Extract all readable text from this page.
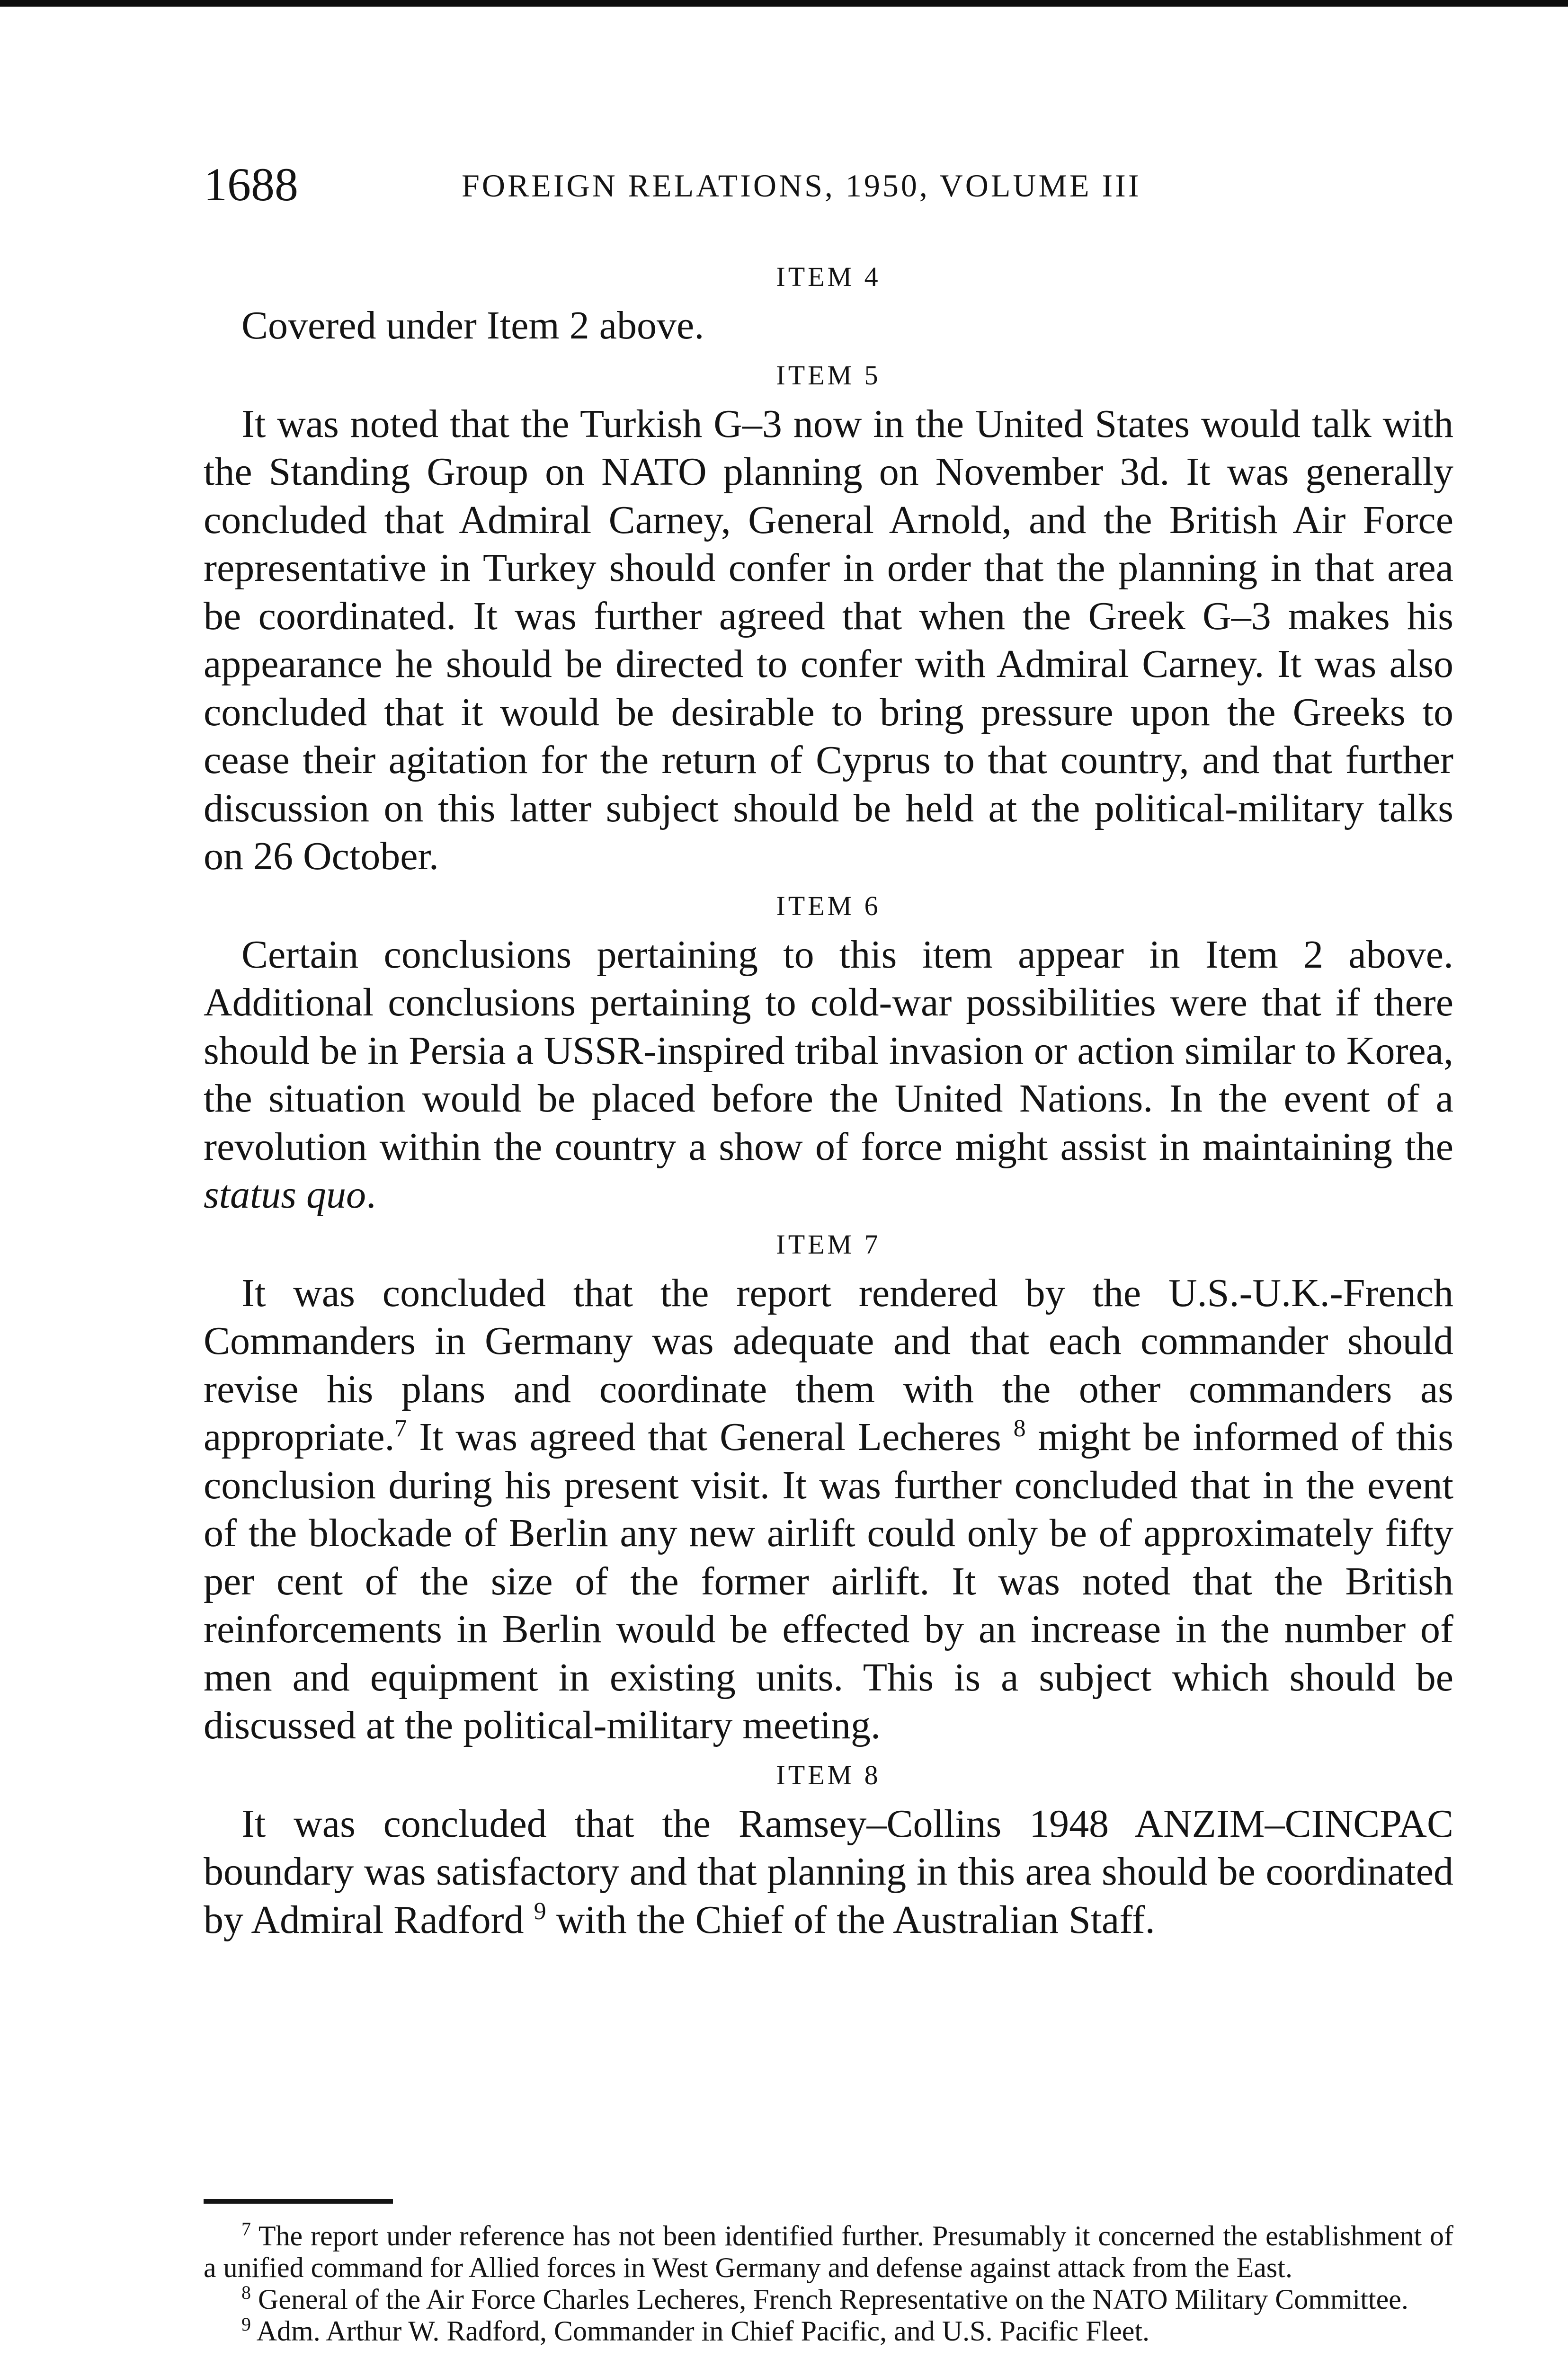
1688	FOREIGN RELATIONS, 1950, VOLUME III

ITEM 4

Covered under Item 2 above.

ITEM 5

It was noted that the Turkish G–3 now in the United States would talk with the Standing Group on NATO planning on November 3d. It was generally concluded that Admiral Carney, General Arnold, and the British Air Force representative in Turkey should confer in order that the planning in that area be coordinated. It was further agreed that when the Greek G–3 makes his appearance he should be directed to confer with Admiral Carney. It was also concluded that it would be desirable to bring pressure upon the Greeks to cease their agitation for the return of Cyprus to that country, and that further discussion on this latter subject should be held at the political-military talks on 26 October.

ITEM 6

Certain conclusions pertaining to this item appear in Item 2 above. Additional conclusions pertaining to cold-war possibilities were that if there should be in Persia a USSR-inspired tribal invasion or action similar to Korea, the situation would be placed before the United Nations. In the event of a revolution within the country a show of force might assist in maintaining the status quo.

ITEM 7

It was concluded that the report rendered by the U.S.-U.K.-French Commanders in Germany was adequate and that each commander should revise his plans and coordinate them with the other commanders as appropriate.$^7$ It was agreed that General Lecheres $^8$ might be informed of this conclusion during his present visit. It was further concluded that in the event of the blockade of Berlin any new airlift could only be of approximately fifty per cent of the size of the former airlift. It was noted that the British reinforcements in Berlin would be effected by an increase in the number of men and equipment in existing units. This is a subject which should be discussed at the political-military meeting.

ITEM 8

It was concluded that the Ramsey–Collins 1948 ANZIM–CINCPAC boundary was satisfactory and that planning in this area should be coordinated by Admiral Radford $^9$ with the Chief of the Australian Staff.

$^7$ The report under reference has not been identified further. Presumably it concerned the establishment of a unified command for Allied forces in West Germany and defense against attack from the East.

$^8$ General of the Air Force Charles Lecheres, French Representative on the NATO Military Committee.

$^9$ Adm. Arthur W. Radford, Commander in Chief Pacific, and U.S. Pacific Fleet.
